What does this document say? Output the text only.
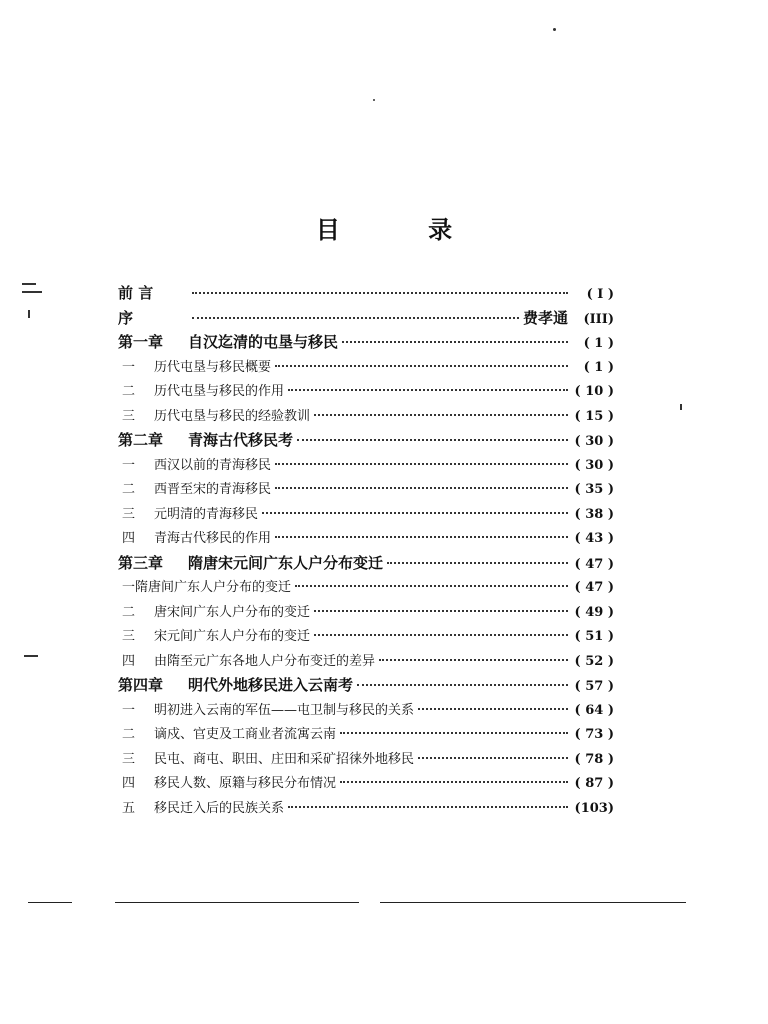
目 录
前 言	( I )
序	费孝通	(III)
第一章	自汉迄清的屯垦与移民	( 1 )
一	历代屯垦与移民概要	( 1 )
二	历代屯垦与移民的作用	( 10 )
三	历代屯垦与移民的经验教训	( 15 )
第二章	青海古代移民考	( 30 )
一	西汉以前的青海移民	( 30 )
二	西晋至宋的青海移民	( 35 )
三	元明清的青海移民	( 38 )
四	青海古代移民的作用	( 43 )
第三章	隋唐宋元间广东人户分布变迁	( 47 )
一 隋唐间广东人户分布的变迁	( 47 )
二	唐宋间广东人户分布的变迁	( 49 )
三	宋元间广东人户分布的变迁	( 51 )
四	由隋至元广东各地人户分布变迁的差异	( 52 )
第四章	明代外地移民进入云南考	( 57 )
一	明初进入云南的军伍——屯卫制与移民的关系	( 64 )
二	谪戍、官吏及工商业者流寓云南	( 73 )
三	民屯、商屯、职田、庄田和采矿招徕外地移民	( 78 )
四	移民人数、原籍与移民分布情况	( 87 )
五	移民迁入后的民族关系	(103)
